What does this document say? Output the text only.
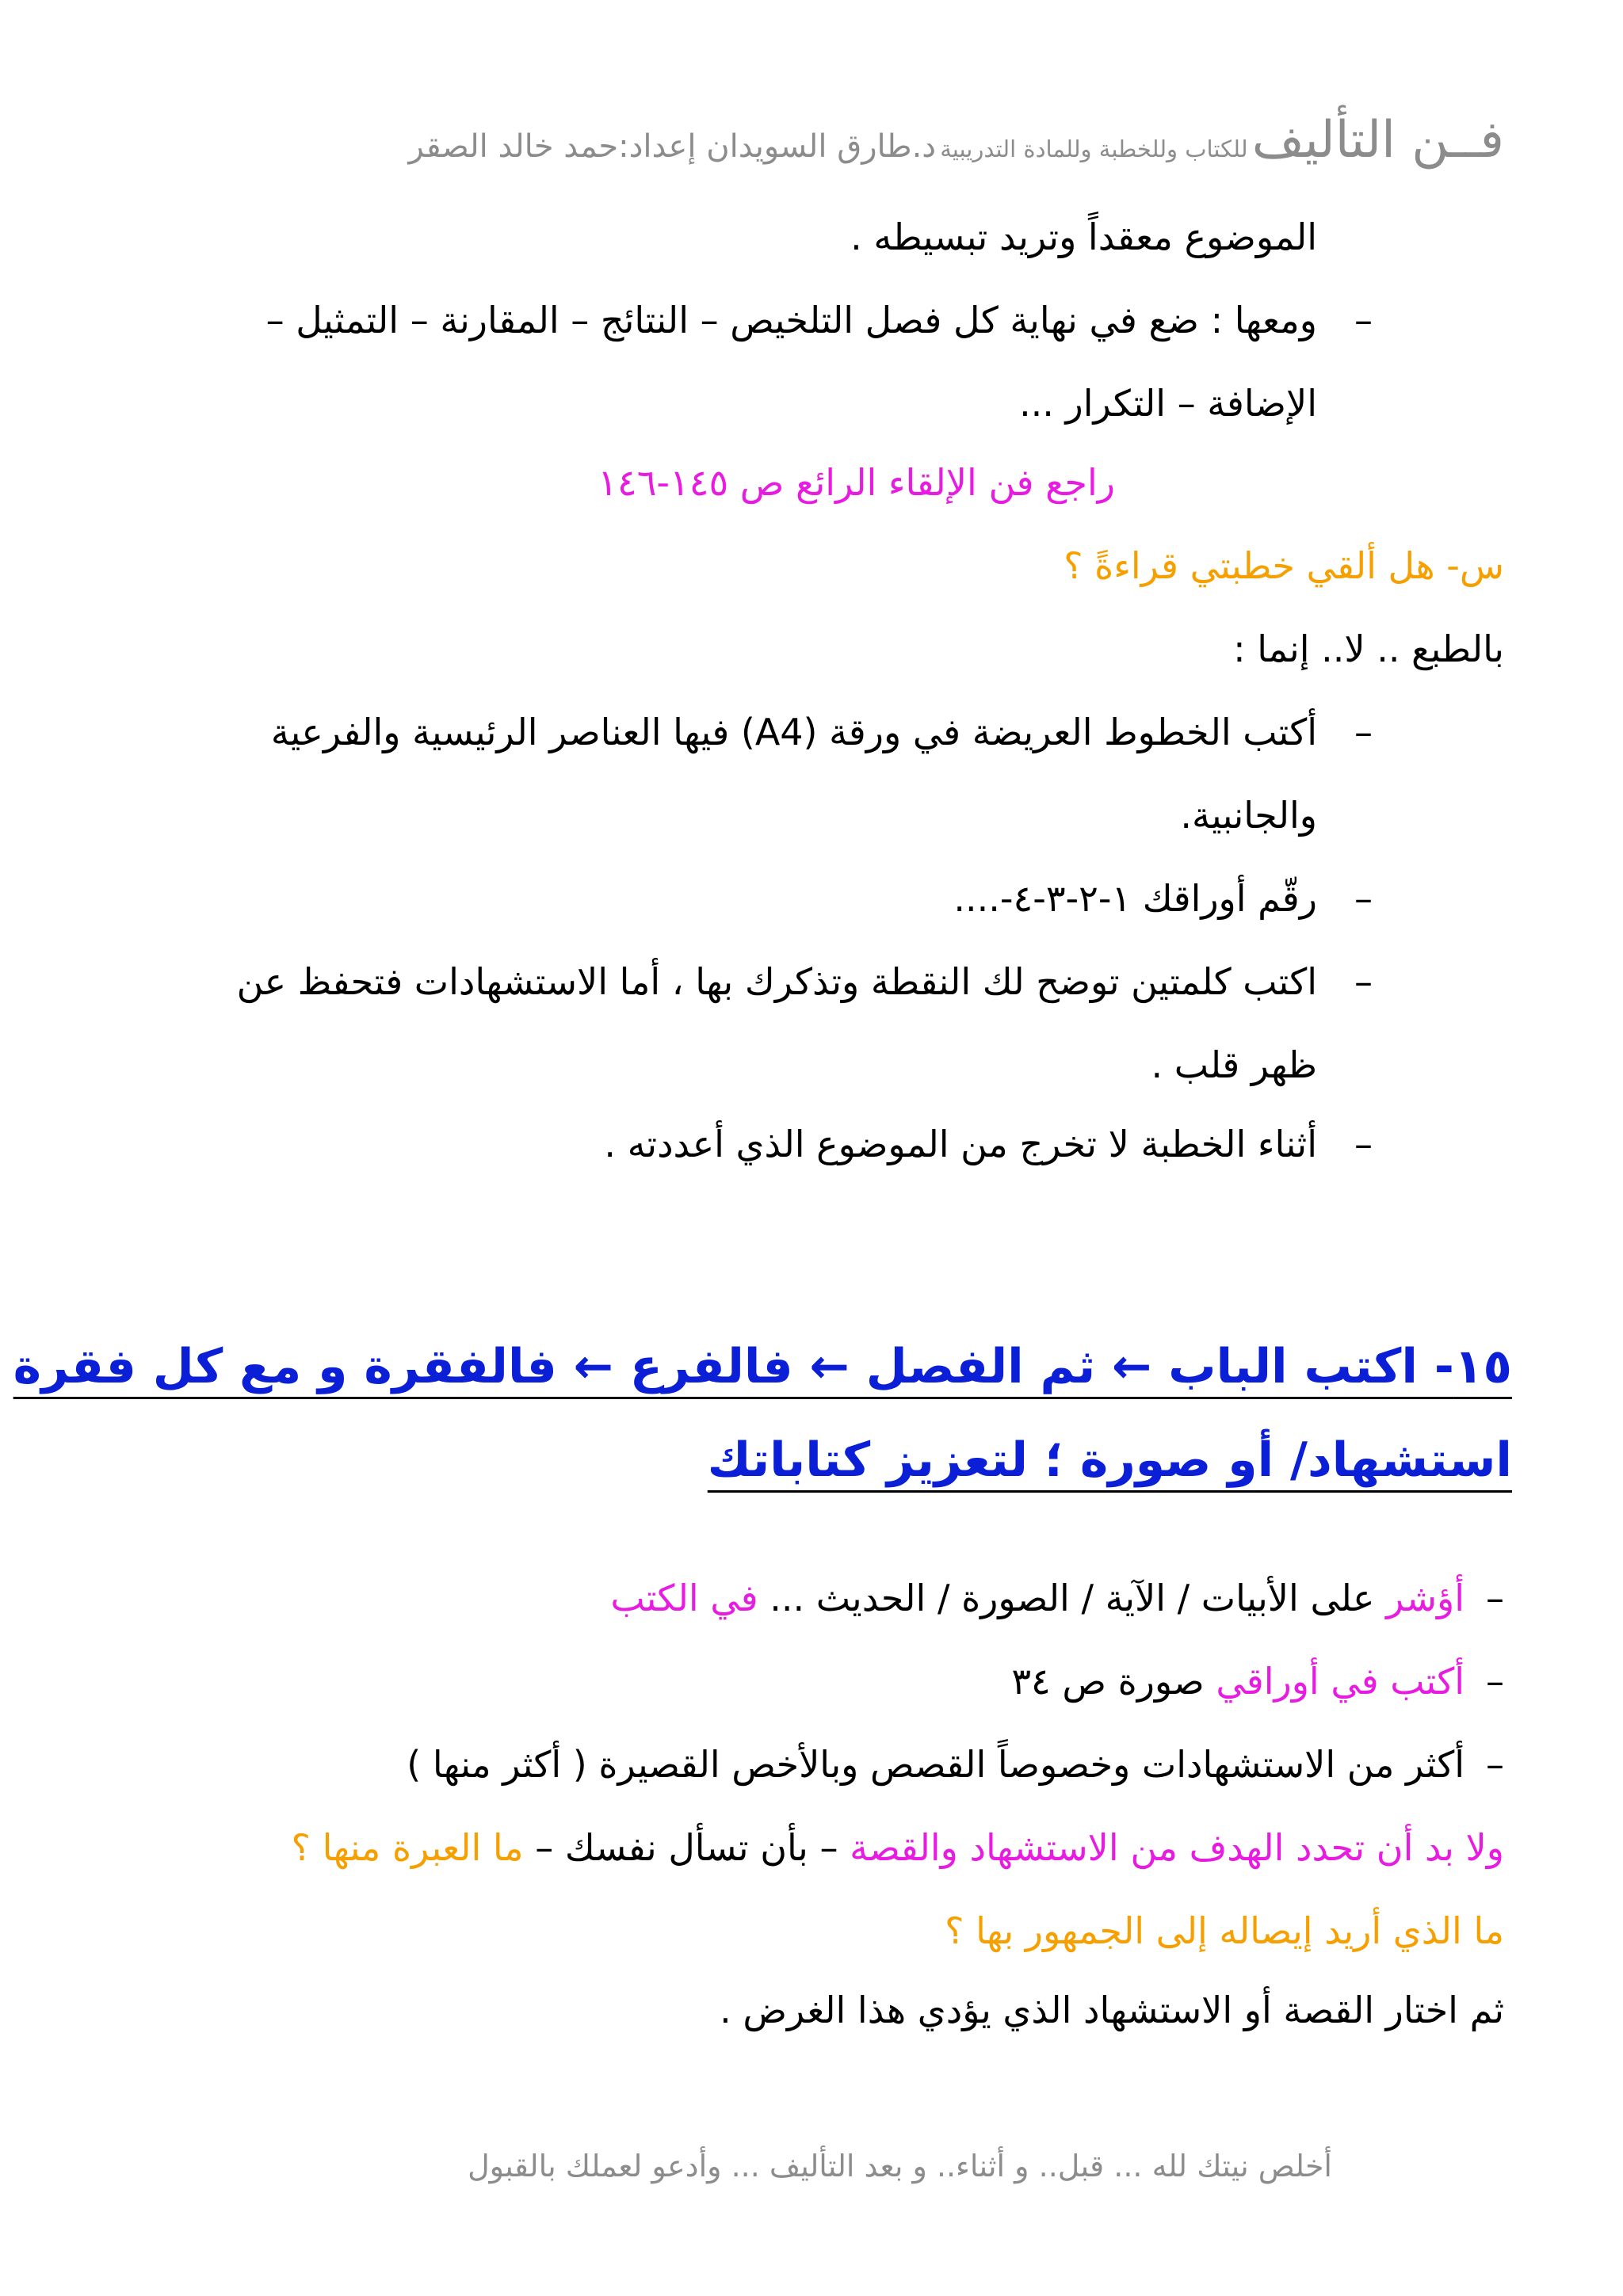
فــن التأليف للكتاب وللخطبة وللمادة التدريبية د.طارق السويدان إعداد:حمد خالد الصقر
الموضوع معقداً وتريد تبسيطه .
–
ومعها : ضع في نهاية كل فصل التلخيص – النتائج – المقارنة – التمثيل –
الإضافة – التكرار ...
راجع فن الإلقاء الرائع ص ١٤٥-١٤٦
س- هل ألقي خطبتي قراءةً ؟
بالطبع .. لا.. إنما :
–
أكتب الخطوط العريضة في ورقة (A4) فيها العناصر الرئيسية والفرعية
والجانبية.
–
رقّم أوراقك ١-٢-٣-٤-....
–
اكتب كلمتين توضح لك النقطة وتذكرك بها ، أما الاستشهادات فتحفظ عن
ظهر قلب .
–
أثناء الخطبة لا تخرج من الموضوع الذي أعددته .
١٥- اكتب الباب ← ثم الفصل ← فالفرع ← فالفقرة و مع كل فقرة
استشهاد/ أو صورة ؛ لتعزيز كتاباتك
–
أؤشر على الأبيات / الآية / الصورة / الحديث ... في الكتب
–
أكتب في أوراقي صورة ص ٣٤
–
أكثر من الاستشهادات وخصوصاً القصص وبالأخص القصيرة ( أكثر منها )
ولا بد أن تحدد الهدف من الاستشهاد والقصة – بأن تسأل نفسك – ما العبرة منها ؟
ما الذي أريد إيصاله إلى الجمهور بها ؟
ثم اختار القصة أو الاستشهاد الذي يؤدي هذا الغرض .
أخلص نيتك لله ... قبل.. و أثناء.. و بعد التأليف ... وأدعو لعملك بالقبول
